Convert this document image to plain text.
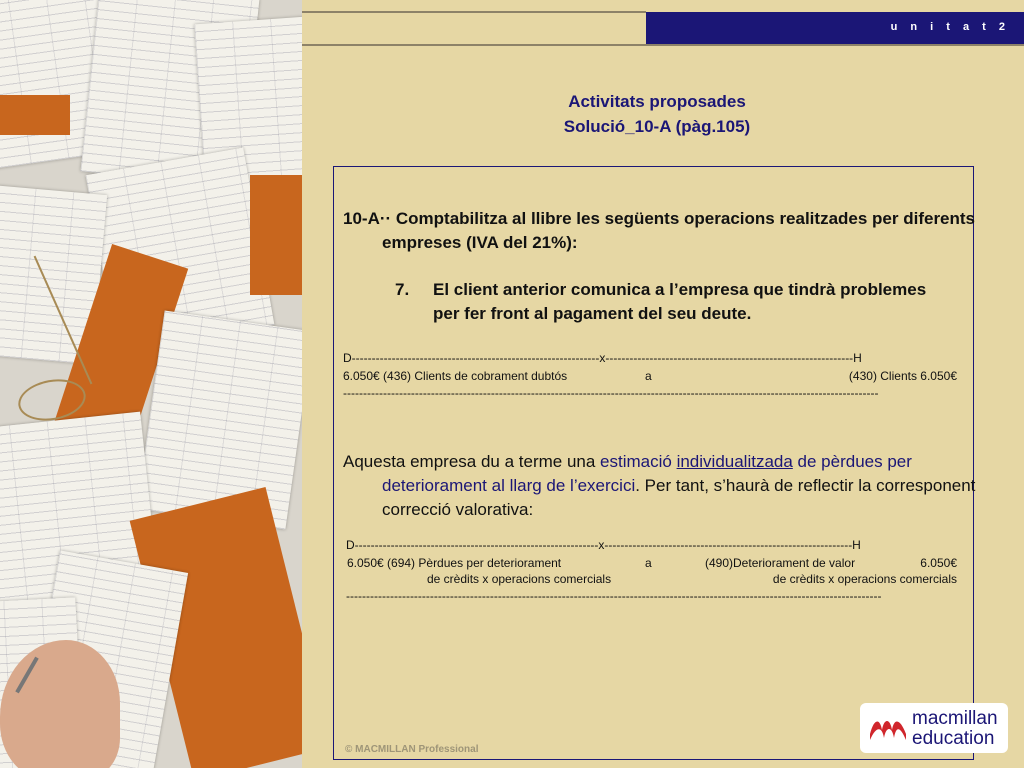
u n i t a t 2
Activitats proposades
Solució_10-A (pàg.105)
10-A·· Comptabilitza al llibre les següents operacions realitzades per diferents empreses (IVA del 21%):
7. El client anterior comunica a l’empresa que tindrà problemes per fer front al pagament del seu deute.
D--------------------------------------------------------------x--------------------------------------------------------------H
6.050€ (436) Clients de cobrament dubtós	a	(430) Clients 6.050€
--------------------------------------------------------------------------------------------------------------------------------------
Aquesta empresa du a terme una estimació individualitzada de pèrdues per deteriorament al llarg de l’exercici. Per tant, s’haurà de reflectir la corresponent correcció valorativa:
D-------------------------------------------------------------x--------------------------------------------------------------H
6.050€ (694) Pèrdues per deteriorament	a	(490)Deteriorament de valor	6.050€
de crèdits x operacions comercials	de crèdits x operacions comercials
--------------------------------------------------------------------------------------------------------------------------------------
© MACMILLAN Professional
macmillan
education
